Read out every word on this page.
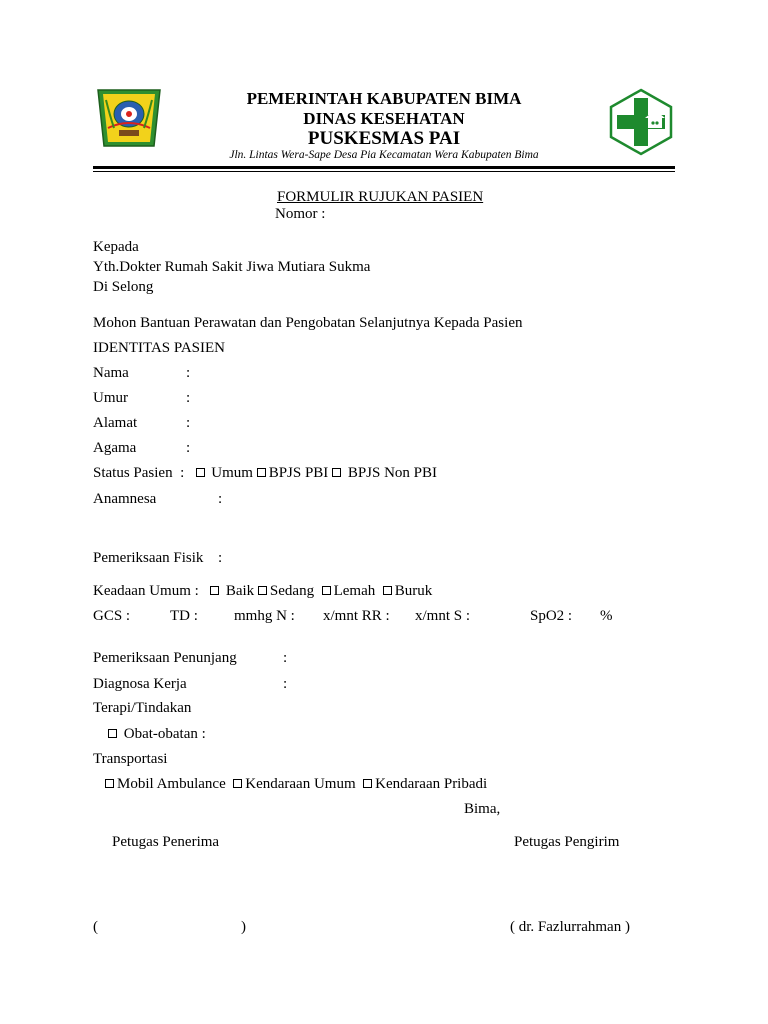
PEMERINTAH KABUPATEN BIMA
DINAS KESEHATAN
PUSKESMAS PAI
Jln. Lintas Wera-Sape Desa Pia Kecamatan Wera Kabupaten Bima
FORMULIR RUJUKAN PASIEN
Nomor :
Kepada
Yth.Dokter Rumah Sakit Jiwa Mutiara Sukma
Di Selong
Mohon Bantuan Perawatan dan Pengobatan Selanjutnya Kepada Pasien
IDENTITAS PASIEN
Nama	:
Umur	:
Alamat	:
Agama	:
Status Pasien : Umum BPJS PBI BPJS Non PBI
Anamnesa	:
Pemeriksaan Fisik :
Keadaan Umum : Baik Sedang Lemah Buruk
GCS :	TD : mmhg N : x/mnt RR : x/mnt S :	SpO2 : %
Pemeriksaan Penunjang	:
Diagnosa Kerja	:
Terapi/Tindakan
Obat-obatan :
Transportasi
Mobil Ambulance Kendaraan Umum Kendaraan Pribadi
Bima,
Petugas Penerima	Petugas Pengirim
(	)	( dr. Fazlurrahman )
